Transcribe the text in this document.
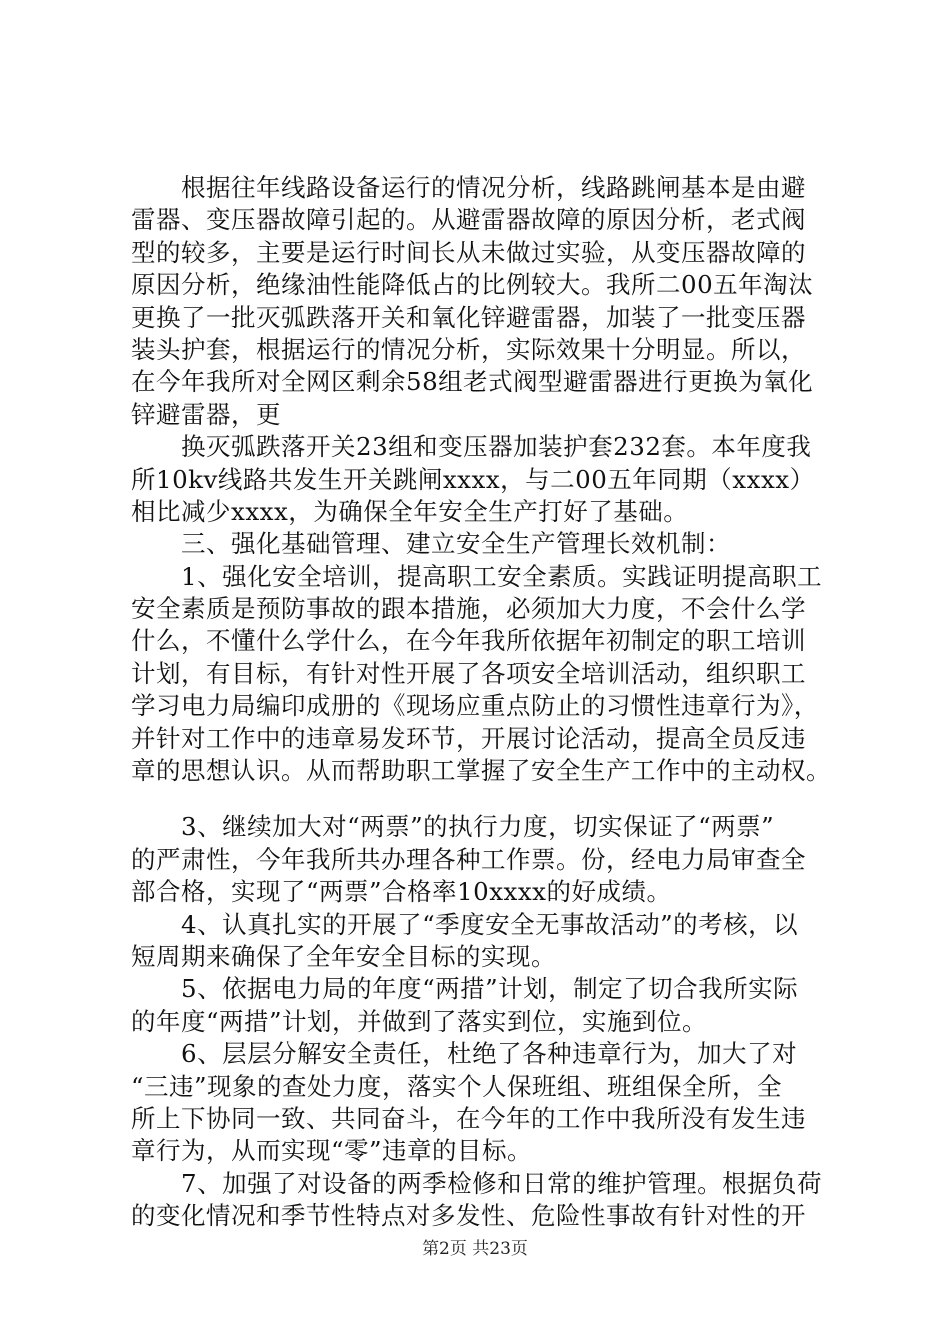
　　根据往年线路设备运行的情况分析，线路跳闸基本是由避
雷器、变压器故障引起的。从避雷器故障的原因分析，老式阀
型的较多，主要是运行时间长从未做过实验，从变压器故障的
原因分析，绝缘油性能降低占的比例较大。我所二00五年淘汰
更换了一批灭弧跌落开关和氧化锌避雷器，加装了一批变压器
装头护套，根据运行的情况分析，实际效果十分明显。所以，
在今年我所对全网区剩余58组老式阀型避雷器进行更换为氧化
锌避雷器，更
　　换灭弧跌落开关23组和变压器加装护套232套。本年度我
所10kv线路共发生开关跳闸xxxx，与二00五年同期（xxxx）
相比减少xxxx，为确保全年安全生产打好了基础。
　　三、强化基础管理、建立安全生产管理长效机制：
　　1、强化安全培训，提高职工安全素质。实践证明提高职工
安全素质是预防事故的跟本措施，必须加大力度，不会什么学
什么，不懂什么学什么，在今年我所依据年初制定的职工培训
计划，有目标，有针对性开展了各项安全培训活动，组织职工
学习电力局编印成册的《现场应重点防止的习惯性违章行为》，
并针对工作中的违章易发环节，开展讨论活动，提高全员反违
章的思想认识。从而帮助职工掌握了安全生产工作中的主动权。
　　3、继续加大对“两票”的执行力度，切实保证了“两票”
的严肃性，今年我所共办理各种工作票。份，经电力局审查全
部合格，实现了“两票”合格率10xxxx的好成绩。
　　4、认真扎实的开展了“季度安全无事故活动”的考核，以
短周期来确保了全年安全目标的实现。
　　5、依据电力局的年度“两措”计划，制定了切合我所实际
的年度“两措”计划，并做到了落实到位，实施到位。
　　6、层层分解安全责任，杜绝了各种违章行为，加大了对
“三违”现象的查处力度，落实个人保班组、班组保全所，全
所上下协同一致、共同奋斗，在今年的工作中我所没有发生违
章行为，从而实现“零”违章的目标。
　　7、加强了对设备的两季检修和日常的维护管理。根据负荷
的变化情况和季节性特点对多发性、危险性事故有针对性的开
第2页 共23页
